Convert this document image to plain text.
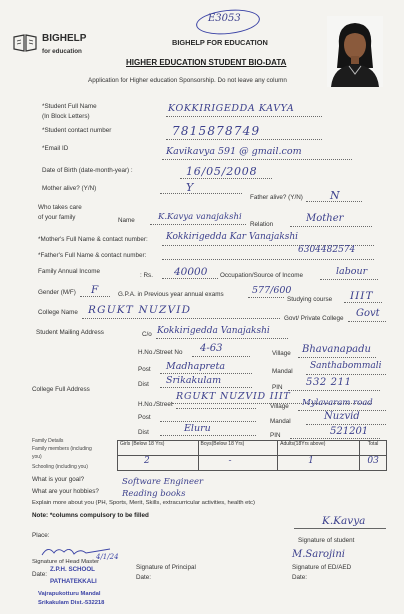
BIGHELP
for education
BIGHELP FOR EDUCATION
E3053
HIGHER EDUCATION STUDENT BIO-DATA
Application for Higher education Sponsorship. Do not leave any column
*Student Full Name
(In Block Letters)
KOKKIRIGEDDA KAVYA
*Student contact number	7815878749
*Email ID	Kavikavya 591 @ gmail.com
Date of Birth (date-month-year) :	16/05/2008
Mother alive? (Y/N)	Y
Father alive? (Y/N) N
Who takes care
of your family	Name	K.Kavya vanajakshi
Relation
Mother
*Mother's Full Name & contact number: Kokkirigedda Kar Vanajakshi
6304482574
*Father's Full Name & contact number:
Family Annual Income
: Rs. 40000 Occupation/Source of Income	labour
Gender (M/F) F	G.P.A. in Previous year annual exams	577/600
Studying course IIIT
College Name RGUKT NUZVID
Govt/ Private College Govt
Student Mailing Address	C/o Kokkirigedda Vanajakshi
H.No./Street No 4-63	Village Bhavanapadu
Post Madhapreta	Mandal
Santhabommali
Dist Srikakulam
PIN 532 211
College Full Address
RGUKT NUZVID IIIT
H.No./Street	Village Mylavaram road
Post
Mandal	Nuzvid
Dist	Eluru
PIN	521201
Family Details
Family members (including
you)
Schooling (including you)
Girls (Below 18 Yrs)	Boys(Below 18 Yrs)	Adults(18Yrs above)	Total
2	-	1	03
What is your goal?	Software Engineer
What are your hobbies?	Reading books
Explain more about you (PH, Sports, Merit, Skills, extracurricular activities, health etc)
Note: *columns compulsory to be filled	K.Kavya
Signature of student
Place:
4/1/24
Signature of Head Master
Z.P.H. SCHOOL
PATHATEKKALI
Vajrapukotturu Mandal
Srikakulam Dist.-532218
Date:
Signature of Principal
Date:
M.Sarojini
Signature of ED/AED
Date:
